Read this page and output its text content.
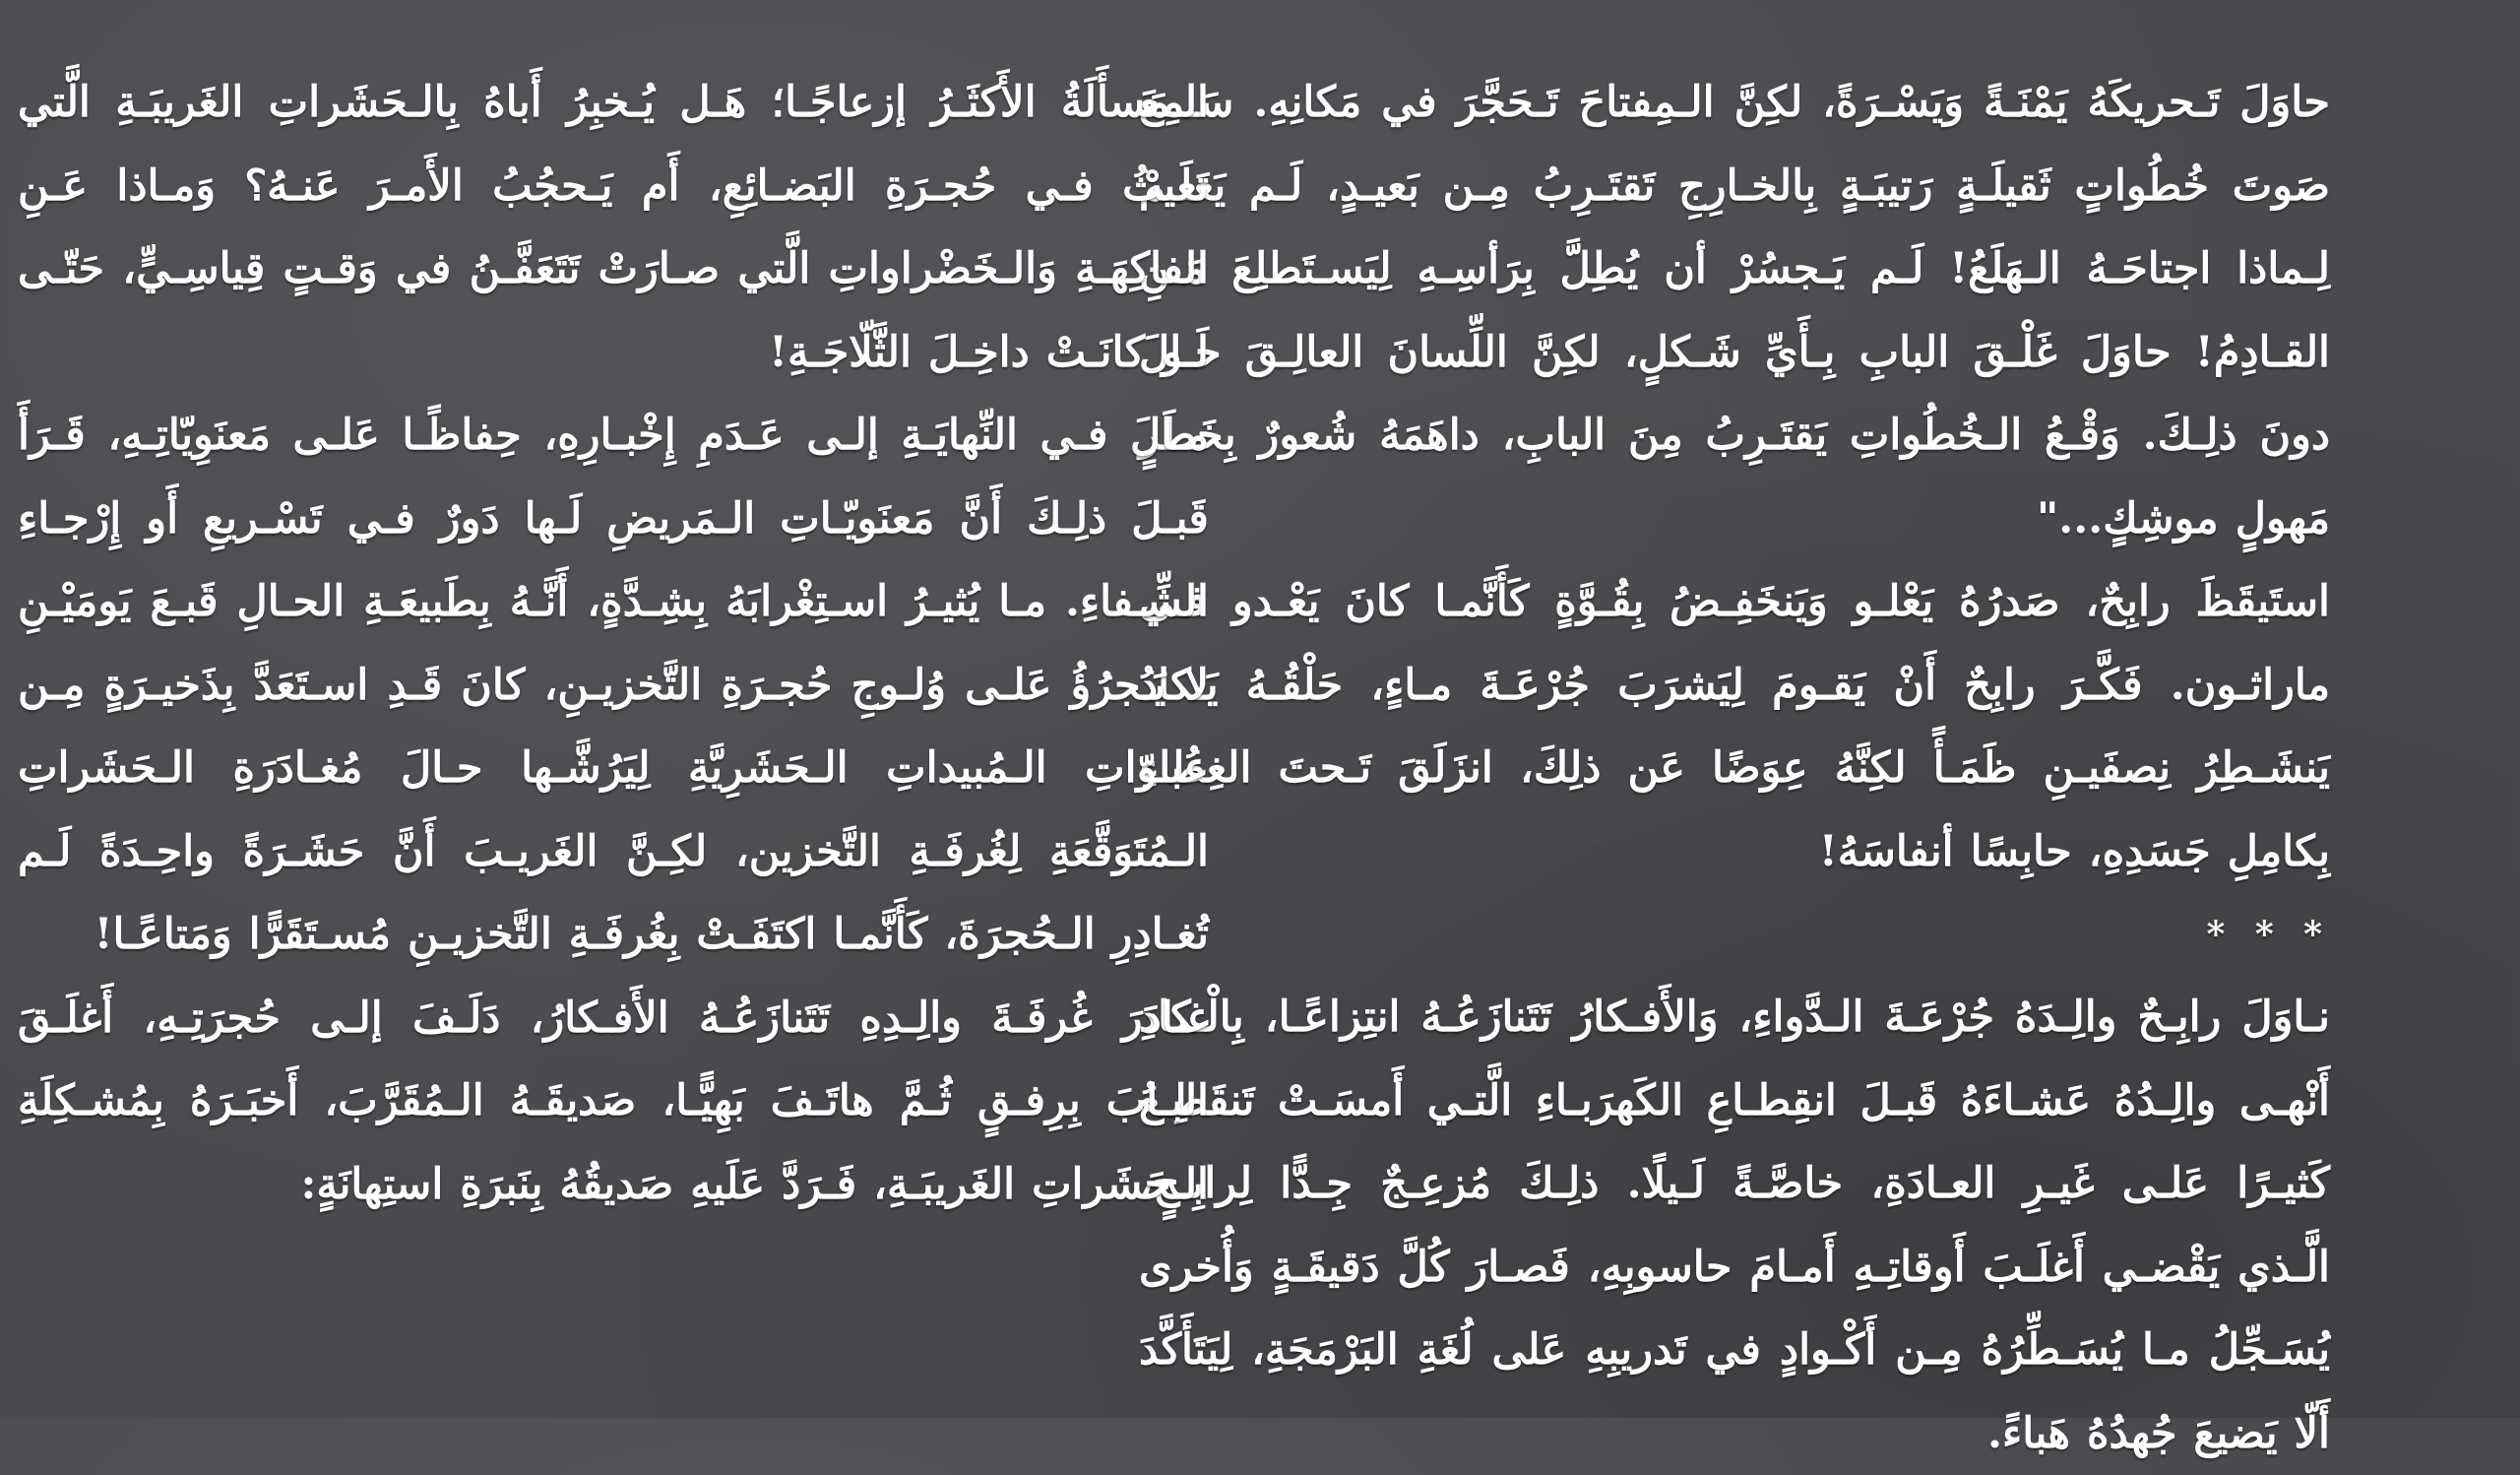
حاوَلَ تَـحريكَهُ يَمْنَـةً وَيَسْـرَةً، لكِنَّ الـمِفتاحَ تَـحَجَّرَ في مَكانِهِ. سَـمِعَ صَوتَ خُطُواتٍ ثَقيلَـةٍ رَتيبَـةٍ بِالخـارِجِ تَقتَـرِبُ مِـن بَعيـدٍ، لَـم يَعلَـمْ لِـماذا اجتاحَـهُ الـهَلَعُ! لَـم يَـجسُرْ أن يُطِلَّ بِرَأسِـهِ لِيَسـتَطلِعَ مَـنِ القـادِمُ! حاوَلَ غَلْـقَ البابِ بِـأَيِّ شَـكلٍ، لكِنَّ اللِّسانَ العالِـقَ حـالَ دونَ ذلِـكَ. وَقْـعُ الـخُطُواتِ يَقتَـرِبُ مِنَ البابِ، داهَمَهُ شُعورٌ بِخَطَرٍ مَهولٍ موشِكٍ..."

استَيقَظَ رابِحٌ، صَدرُهُ يَعْلـو وَيَنخَفِـضُ بِقُـوَّةٍ كَأَنَّمـا كانَ يَعْـدو فـي ماراثـون. فَكَّـرَ رابِحٌ أَنْ يَقـومَ لِيَشرَبَ جُرْعَـةَ مـاءٍ، حَلْقُـهُ يَـكادُ يَنشَـطِرُ نِصفَيـنِ ظَمَـأً لكِنَّهُ عِوَضًا عَن ذلِكَ، انزَلَقَ تَـحتَ الغِطاءِ بِكامِلِ جَسَدِهِ، حابِسًا أنفاسَهُ!

* * *

نـاوَلَ رابِـحٌ والِـدَهُ جُرْعَـةَ الـدَّواءِ، وَالأَفـكارُ تَتَنازَعُـهُ انتِزاعًـا، بِالْـكادِ أَنْهـى والِـدُهُ عَشـاءَهُ قَبـلَ انقِطـاعِ الكَهرَبـاءِ الَّتـي أَمسَـتْ تَنقَطِـعُ كَثيـرًا عَلـى غَيـرِ العـادَةِ، خاصَّـةً لَـيلًا. ذلِـكَ مُزعِـجٌ جِـدًّا لِرابِـحٍ، الَّـذي يَقْضـي أَغلَـبَ أَوقاتِـهِ أَمـامَ حاسوبِهِ، فَصـارَ كُلَّ دَقيقَـةٍ وَأُخرى يُسَـجِّلُ مـا يُسَـطِّرُهُ مِـن أَكْـوادٍ في تَدريبِهِ عَلى لُغَةِ البَرْمَجَةِ، لِيَتَأَكَّدَ أَلّا يَضيعَ جُهدُهُ هَباءً.

الـمَسأَلَةُ الأَكثَـرُ إزعاجًـا؛ هَـل يُـخبِرُ أَباهُ بِالـحَشَراتِ الغَريبَـةِ الَّتي تَعيثُ فـي حُجـرَةِ البَضـائِعِ، أَم يَـحجُبُ الأَمـرَ عَنـهُ؟ وَمـاذا عَـنِ الفاكِهَـةِ وَالـخَضْراواتِ الَّتي صـارَتْ تَتَعَفَّـنُ في وَقـتٍ قِياسِـيٍّ، حَتّـى لَـو كانَـتْ داخِـلَ الثَّلّاجَـةِ!

مـالَ فـي النِّهايَـةِ إلـى عَـدَمِ إِخْبـارِهِ، حِفاظًـا عَلـى مَعنَوِيّاتِـهِ، قَـرَأَ قَبـلَ ذلِـكَ أَنَّ مَعنَويّـاتِ الـمَريضِ لَـها دَورٌ فـي تَسْـريعِ أَو إِرْجـاءِ الشِّـفاءِ. مـا يُثيـرُ اسـتِغْرابَهُ بِشِـدَّةٍ، أَنَّـهُ بِطَبيعَـةِ الحـالِ قَبـعَ يَومَيْـنِ لا يَـجرُؤُ عَلـى وُلـوجِ حُجـرَةِ التَّخزيـنِ، كانَ قَـدِ اسـتَعَدَّ بِذَخيـرَةٍ مِـن عُبـوّاتِ الـمُبيداتِ الـحَشَرِيَّةِ لِيَرُشَّـها حـالَ مُغـادَرَةِ الـحَشَراتِ الـمُتَوَقَّعَةِ لِغُرفَـةِ التَّخزين، لكِـنَّ الغَريـبَ أَنَّ حَشَـرَةً واحِـدَةً لَـم تُغـادِرِ الـحُجرَةَ، كَأَنَّمـا اكتَفَـتْ بِغُرفَـةِ التَّخزيـنِ مُسـتَقَرًّا وَمَتاعًـا!

غـادَرَ غُرفَـةَ والِـدِهِ تَتَنازَعُـهُ الأَفـكارُ، دَلَـفَ إلـى حُجرَتِـهِ، أَغلَـقَ البـابَ بِرِفـقٍ ثُـمَّ هاتَـفَ بَهِيًّـا، صَديقَـهُ الـمُقَرَّبَ، أَخبَـرَهُ بِمُشـكِلَةِ الـحَشَراتِ الغَريبَـةِ، فَـرَدَّ عَلَيهِ صَديقُهُ بِنَبرَةِ استِهانَةٍ:
